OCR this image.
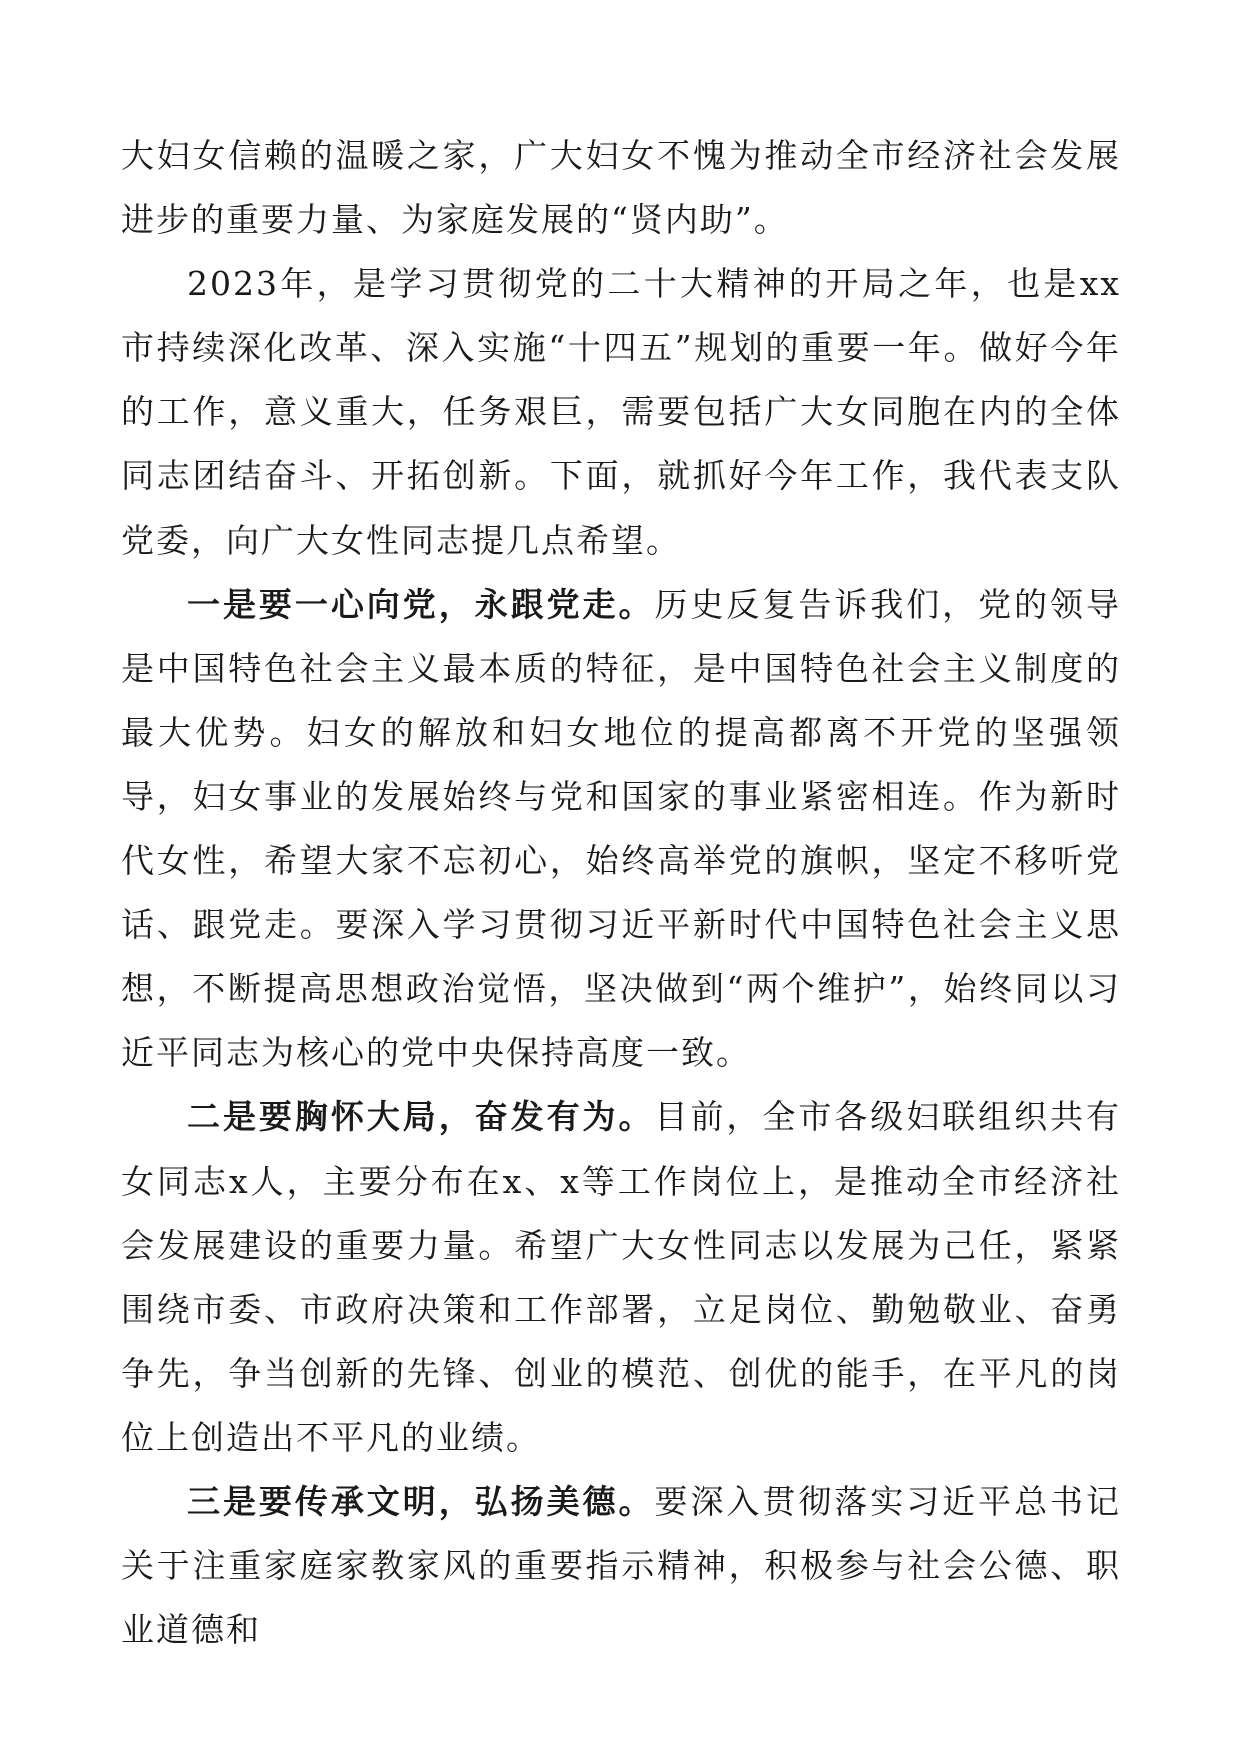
大妇女信赖的温暖之家，广大妇女不愧为推动全市经济社会发展进步的重要力量、为家庭发展的“贤内助”。

2023年，是学习贯彻党的二十大精神的开局之年，也是xx市持续深化改革、深入实施“十四五”规划的重要一年。做好今年的工作，意义重大，任务艰巨，需要包括广大女同胞在内的全体同志团结奋斗、开拓创新。下面，就抓好今年工作，我代表支队党委，向广大女性同志提几点希望。

一是要一心向党，永跟党走。历史反复告诉我们，党的领导是中国特色社会主义最本质的特征，是中国特色社会主义制度的最大优势。妇女的解放和妇女地位的提高都离不开党的坚强领导，妇女事业的发展始终与党和国家的事业紧密相连。作为新时代女性，希望大家不忘初心，始终高举党的旗帜，坚定不移听党话、跟党走。要深入学习贯彻习近平新时代中国特色社会主义思想，不断提高思想政治觉悟，坚决做到“两个维护”，始终同以习近平同志为核心的党中央保持高度一致。

二是要胸怀大局，奋发有为。目前，全市各级妇联组织共有女同志x人，主要分布在x、x等工作岗位上，是推动全市经济社会发展建设的重要力量。希望广大女性同志以发展为己任，紧紧围绕市委、市政府决策和工作部署，立足岗位、勤勉敬业、奋勇争先，争当创新的先锋、创业的模范、创优的能手，在平凡的岗位上创造出不平凡的业绩。

三是要传承文明，弘扬美德。要深入贯彻落实习近平总书记关于注重家庭家教家风的重要指示精神，积极参与社会公德、职业道德和
